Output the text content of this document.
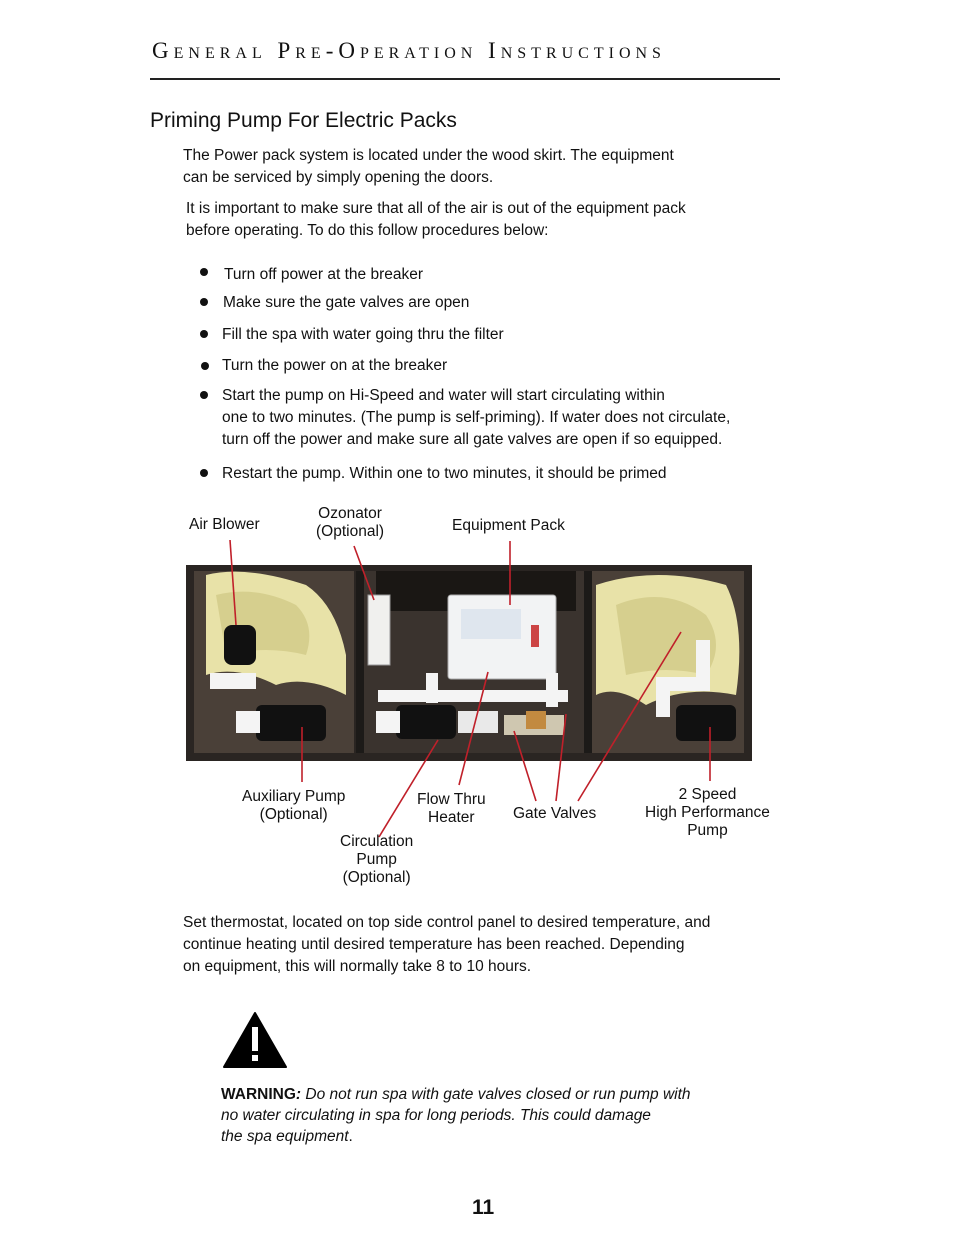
General Pre-Operation Instructions
Priming Pump For Electric Packs
The Power pack system is located under the wood skirt. The equipment
can be serviced by simply opening the doors.
It is important to make sure that all of the air is out of the equipment pack
before operating. To do this follow procedures below:
Turn off power at the breaker
Make sure the gate valves are open
Fill the spa with water going thru the filter
Turn the power on at the breaker
Start the pump on Hi-Speed and water will start circulating within
one to two minutes. (The pump is self-priming). If water does not circulate,
turn off the power and make sure all gate valves are open if so equipped.
Restart the pump. Within one to two minutes, it should be primed
Air Blower
Ozonator
(Optional)	Equipment Pack
Auxiliary Pump
(Optional)
Flow Thru
Heater	Gate Valves
2 Speed
High Performance
Pump
Circulation
Pump
(Optional)
Set thermostat, located on top side control panel to desired temperature, and
continue heating until desired temperature has been reached. Depending
on equipment, this will normally take 8 to 10 hours.
WARNING: Do not run spa with gate valves closed or run pump with
no water circulating in spa for long periods. This could damage
the spa equipment.
11
